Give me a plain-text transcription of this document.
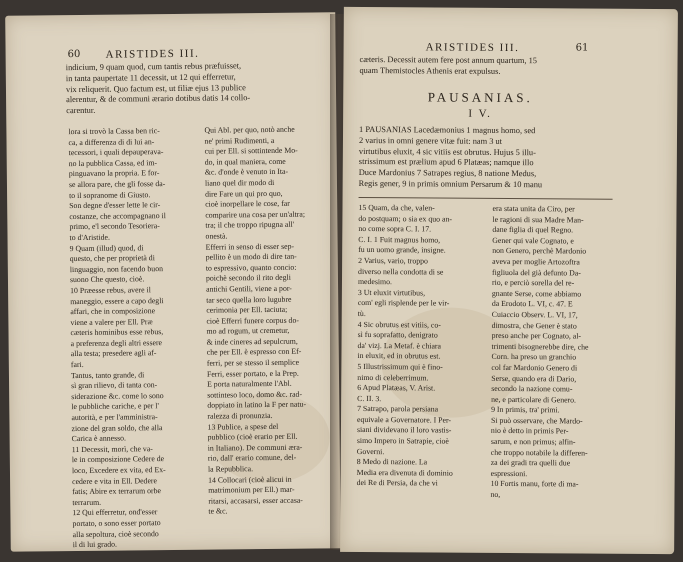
60 ARISTIDES III.
indicium, 9 quam quod, cum tantis rebus præfuisset,
in tanta paupertate 11 decessit, ut 12 qui efferretur,
vix reliquerit. Quo factum est, ut filiæ ejus 13 publice
alerentur, & de communi ærario dotibus datis 14 collo-
carentur.
lora si trovò la Cassa ben ric-
ca, a differenza di di lui an-
tecessori, i quali depauperava-
no la pubblica Cassa, ed im-
pinguavano la propria. E for-
se allora pare, che gli fosse da-
to il sopranome di Giusto.
Son degne d'esser lette le cir-
costanze, che accompagnano il
primo, e'l secondo Tesoriera-
to d'Aristide.
9 Quam (illud) quod, di
questo, che per proprietà di
linguaggio, non facendo buon
suono Che questo, cioè.
10 Præesse rebus, avere il
maneggio, essere a capo degli
affari, che in composizione
viene a valere per Ell. Præ
cæteris hominibus esse rebus,
a preferenza degli altri essere
alla testa; presedere agli af-
fari.
Tantus, tanto grande, di
sì gran rilievo, di tanta con-
siderazione &c. come lo sono
le pubbliche cariche, e per l'
autorità, e per l'amministra-
zione del gran soldo, che alla
Carica è annesso.
11 Decessit, morì, che va-
le in composizione Cedere de
loco, Excedere ex vita, ed Ex-
cedere e vita in Ell. Dedere
fatis; Abire ex terrarum orbe
terrarum.
12 Qui efferretur, ond'esser
portato, o sono esser portato
alla sepoltura, cioè secondo
il di lui grado.
Qui Abl. per quo, notò anche
ne' primi Rudimenti, a
cui per Ell. si sottintende Mo-
do, in qual maniera, come
&c. d'onde è venuto in Ita-
liano quel dir modo di
dire Fare un qui pro quo,
cioè inorpellare le cose, far
comparire una cosa per un'altra;
tra; il che troppo ripugna all'
onestà.
Efferri in senso di esser sep-
pellito è un modo di dire tan-
to espressivo, quanto concio:
poichè secondo il rito degli
antichi Gentili, viene a por-
tar seco quella loro lugubre
cerimonia per Ell. taciuta;
cioè Efferri funere corpus do-
mo ad rogum, ut cremetur,
& inde cineres ad sepulcrum,
che per Ell. è espresso con Ef-
ferri, per se stesso il semplice
Ferri, esser portato, e la Prep.
E porta naturalmente l'Abl.
sottinteso loco, domo &c. rad-
doppiato in latino la F per natu-
ralezza di pronunzia.
13 Publice, a spese del
pubblico (cioè erario per Ell.
in Italiano). De communi æra-
rio, dall' erario comune, del-
la Repubblica.
14 Collocari (cioè alicui in
matrimonium per Ell.) mar-
ritarsi, accasarsi, esser accasa-
te &c.
ARISTIDES III.	61
cæteris. Decessit autem fere post annum quartum, 15
quam Themistocles Athenis erat expulsus.
PAUSANIAS.
I V.
1 PAUSANIAS Lacedæmonius 1 magnus homo, sed
2 varius in omni genere vitæ fuit: nam 3 ut
virtutibus eluxit, 4 sic vitiis est obrutus. Hujus 5 illu-
strissimum est prælium apud 6 Platæas; namque illo
Duce Mardonius 7 Satrapes regius, 8 natione Medus,
Regis gener, 9 in primis omnium Persarum & 10 manu
15 Quam, da che, valen-
do postquam; o sia ex quo an-
no come sopra C. I. 17.
C. I. 1 Fuit magnus homo,
fu un uomo grande, insigne.
2 Varius, vario, troppo
diverso nella condotta di se
medesimo.
3 Ut eluxit virtutibus,
com' egli risplende per le vir-
tù.
4 Sic obrutus est vitiis, co-
sì fu soprafatto, denigrato
da' vizj. La Metaf. è chiara
in eluxit, ed in obrutus est.
5 Illustrissimum qui è fino-
nimo di celeberrimum.
6 Apud Platæas, V. Arist.
C. II. 3.
7 Satrapo, parola persiana
equivale a Governatore. I Per-
siani dividevano il loro vastis-
simo Impero in Satrapie, cioè
Governi.
8 Medo di nazione. La
Media era divenuta di dominio
dei Re di Persia, da che vi
era stata unita da Ciro, per
le ragioni di sua Madre Man-
dane figlia di quel Regno.
Gener qui vale Cognato, e
non Genero, perchè Mardonio
aveva per moglie Artozoftra
figliuola del già defunto Da-
rio, e perciò sorella del re-
gnante Serse, come abbiamo
da Erodoto L. VI, c. 47. E
Cuiaccio Observ. L. VI, 17,
dimostra, che Gener è stato
preso anche per Cognato, al-
trimenti bisognerebbe dire, che
Corn. ha preso un granchio
col far Mardonio Genero di
Serse, quando era di Dario,
secondo la nazione comu-
ne, e particolare di Genero.
9 In primis, tra' primi.
Si può osservare, che Mardo-
nio è detto in primis Per-
sarum, e non primus; alfin-
che troppo notabile la differen-
za dei gradi tra quelli due
espressioni.
10 Fortis manu, forte di ma-
no,
